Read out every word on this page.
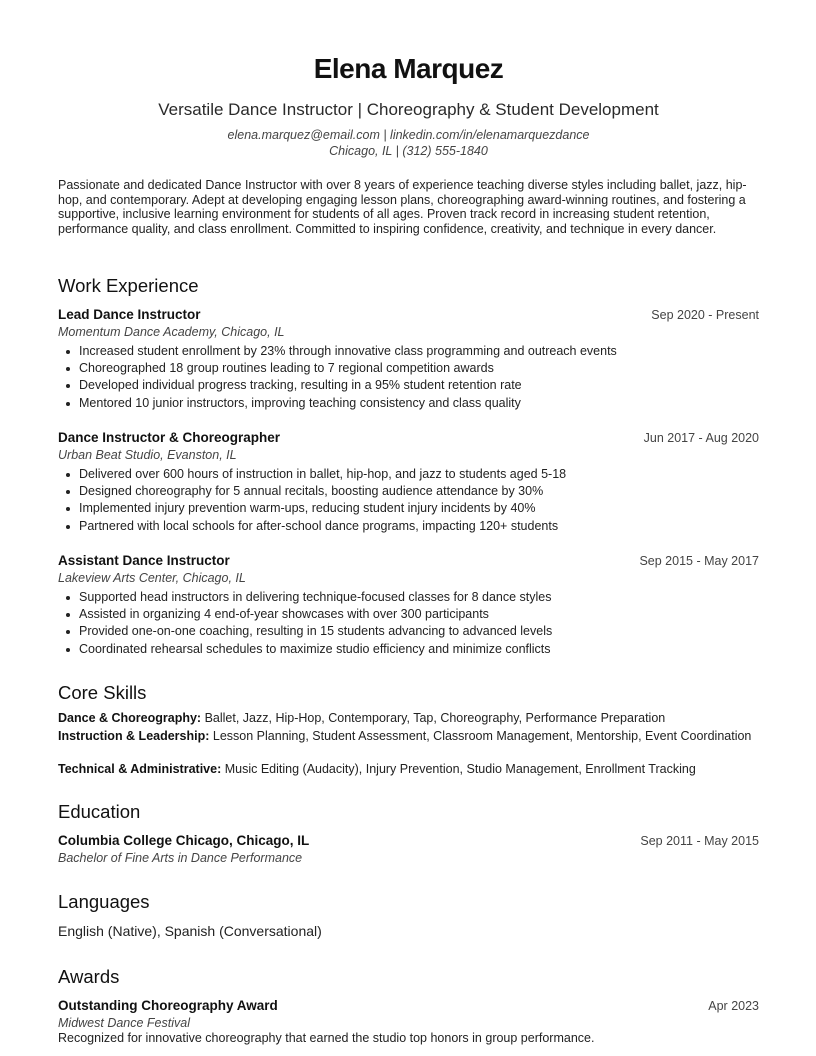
Elena Marquez
Versatile Dance Instructor | Choreography & Student Development
elena.marquez@email.com | linkedin.com/in/elenamarquezdance
Chicago, IL | (312) 555-1840
Passionate and dedicated Dance Instructor with over 8 years of experience teaching diverse styles including ballet, jazz, hip-hop, and contemporary. Adept at developing engaging lesson plans, choreographing award-winning routines, and fostering a supportive, inclusive learning environment for students of all ages. Proven track record in increasing student retention, performance quality, and class enrollment. Committed to inspiring confidence, creativity, and technique in every dancer.
Work Experience
Lead Dance Instructor	Sep 2020 - Present
Momentum Dance Academy, Chicago, IL
Increased student enrollment by 23% through innovative class programming and outreach events
Choreographed 18 group routines leading to 7 regional competition awards
Developed individual progress tracking, resulting in a 95% student retention rate
Mentored 10 junior instructors, improving teaching consistency and class quality
Dance Instructor & Choreographer	Jun 2017 - Aug 2020
Urban Beat Studio, Evanston, IL
Delivered over 600 hours of instruction in ballet, hip-hop, and jazz to students aged 5-18
Designed choreography for 5 annual recitals, boosting audience attendance by 30%
Implemented injury prevention warm-ups, reducing student injury incidents by 40%
Partnered with local schools for after-school dance programs, impacting 120+ students
Assistant Dance Instructor	Sep 2015 - May 2017
Lakeview Arts Center, Chicago, IL
Supported head instructors in delivering technique-focused classes for 8 dance styles
Assisted in organizing 4 end-of-year showcases with over 300 participants
Provided one-on-one coaching, resulting in 15 students advancing to advanced levels
Coordinated rehearsal schedules to maximize studio efficiency and minimize conflicts
Core Skills
Dance & Choreography: Ballet, Jazz, Hip-Hop, Contemporary, Tap, Choreography, Performance Preparation
Instruction & Leadership: Lesson Planning, Student Assessment, Classroom Management, Mentorship, Event Coordination
Technical & Administrative: Music Editing (Audacity), Injury Prevention, Studio Management, Enrollment Tracking
Education
Columbia College Chicago, Chicago, IL	Sep 2011 - May 2015
Bachelor of Fine Arts in Dance Performance
Languages
English (Native), Spanish (Conversational)
Awards
Outstanding Choreography Award	Apr 2023
Midwest Dance Festival
Recognized for innovative choreography that earned the studio top honors in group performance.
